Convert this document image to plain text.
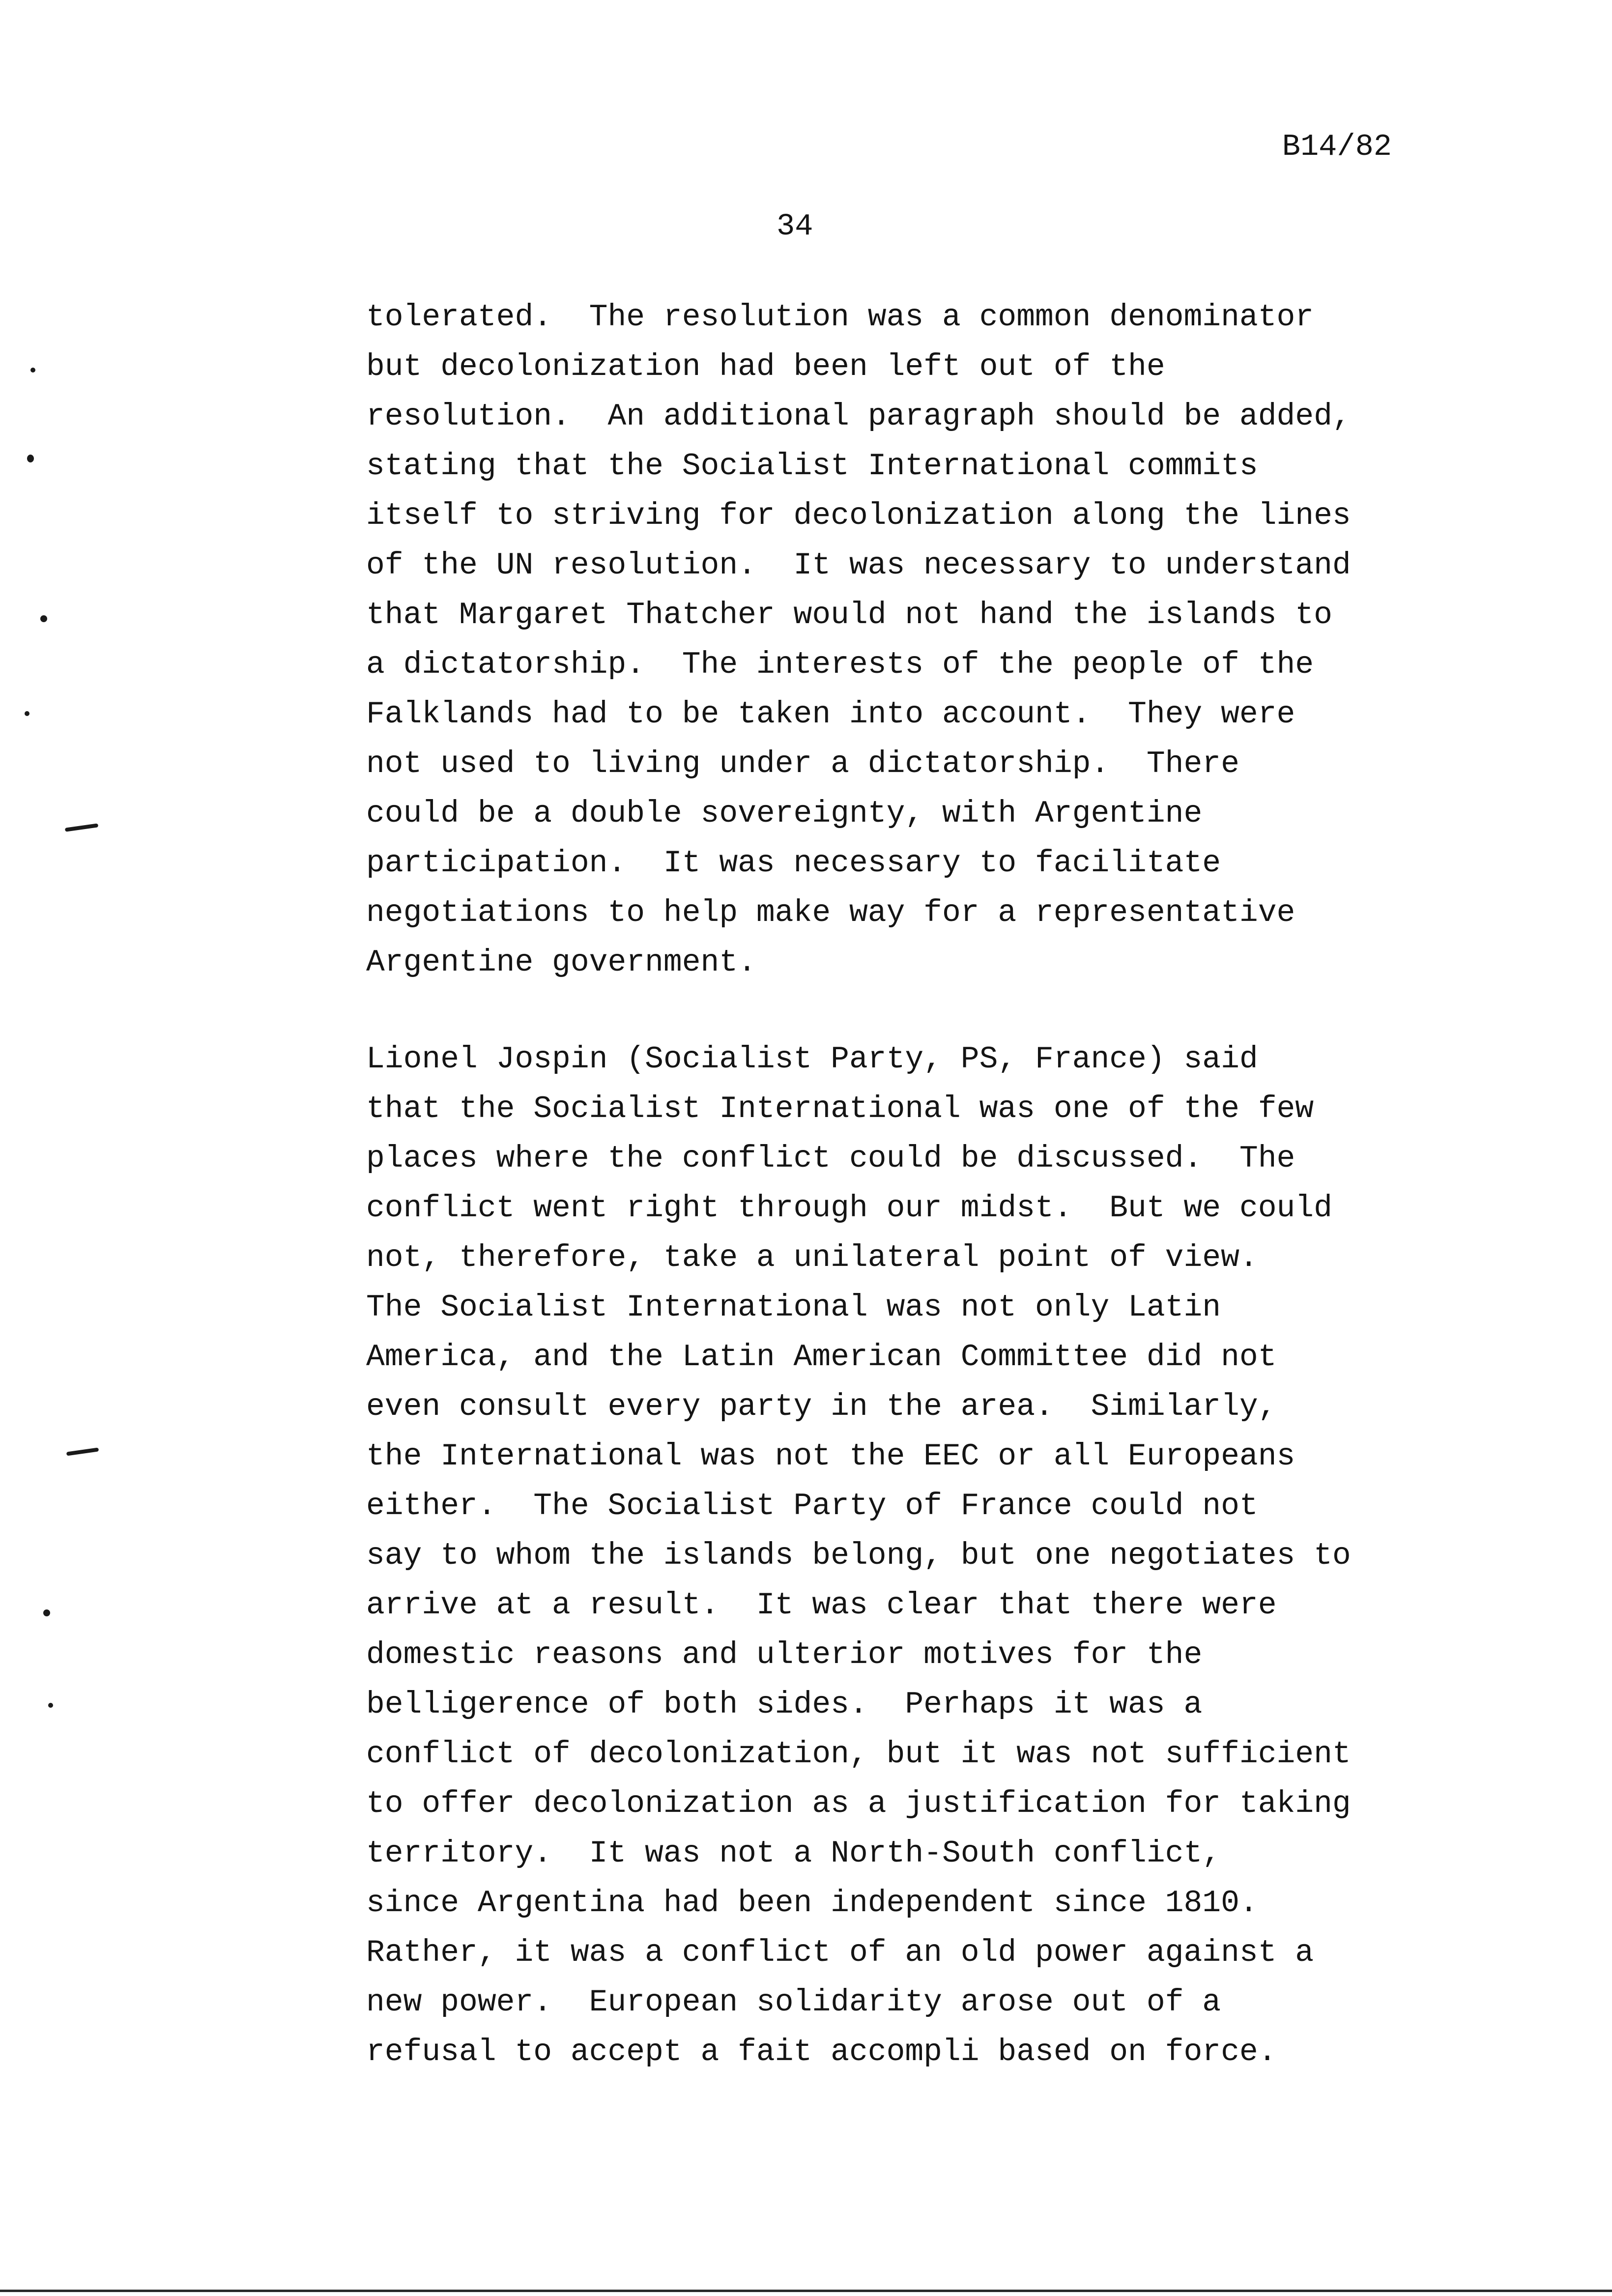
B14/82
34
tolerated.  The resolution was a common denominator
but decolonization had been left out of the
resolution.  An additional paragraph should be added,
stating that the Socialist International commits
itself to striving for decolonization along the lines
of the UN resolution.  It was necessary to understand
that Margaret Thatcher would not hand the islands to
a dictatorship.  The interests of the people of the
Falklands had to be taken into account.  They were
not used to living under a dictatorship.  There
could be a double sovereignty, with Argentine
participation.  It was necessary to facilitate
negotiations to help make way for a representative
Argentine government.
Lionel Jospin (Socialist Party, PS, France) said
that the Socialist International was one of the few
places where the conflict could be discussed.  The
conflict went right through our midst.  But we could
not, therefore, take a unilateral point of view.
The Socialist International was not only Latin
America, and the Latin American Committee did not
even consult every party in the area.  Similarly,
the International was not the EEC or all Europeans
either.  The Socialist Party of France could not
say to whom the islands belong, but one negotiates to
arrive at a result.  It was clear that there were
domestic reasons and ulterior motives for the
belligerence of both sides.  Perhaps it was a
conflict of decolonization, but it was not sufficient
to offer decolonization as a justification for taking
territory.  It was not a North-South conflict,
since Argentina had been independent since 1810.
Rather, it was a conflict of an old power against a
new power.  European solidarity arose out of a
refusal to accept a fait accompli based on force.
